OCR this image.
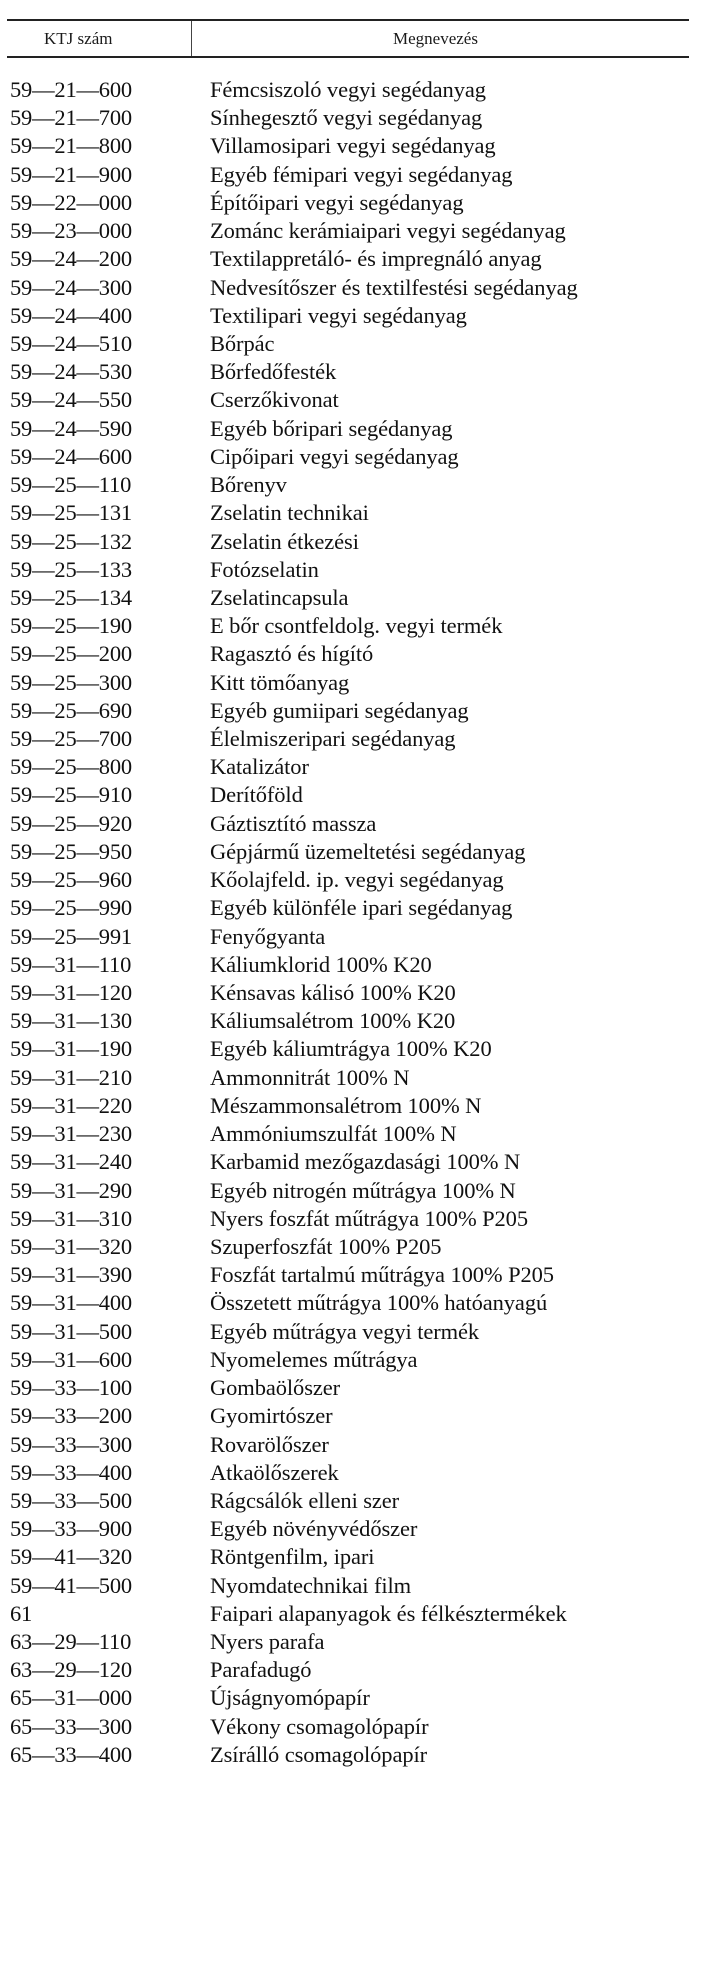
KTJ szám	Megnevezés
59—21—600	Fémcsiszoló vegyi segédanyag
59—21—700	Sínhegesztő vegyi segédanyag
59—21—800	Villamosipari vegyi segédanyag
59—21—900	Egyéb fémipari vegyi segédanyag
59—22—000	Építőipari vegyi segédanyag
59—23—000	Zománc kerámiaipari vegyi segédanyag
59—24—200	Textilappretáló- és impregnáló anyag
59—24—300	Nedvesítőszer és textilfestési segédanyag
59—24—400	Textilipari vegyi segédanyag
59—24—510	Bőrpác
59—24—530	Bőrfedőfesték
59—24—550	Cserzőkivonat
59—24—590	Egyéb bőripari segédanyag
59—24—600	Cipőipari vegyi segédanyag
59—25—110	Bőrenyv
59—25—131	Zselatin technikai
59—25—132	Zselatin étkezési
59—25—133	Fotózselatin
59—25—134	Zselatincapsula
59—25—190	E bőr csontfeldolg. vegyi termék
59—25—200	Ragasztó és hígító
59—25—300	Kitt tömőanyag
59—25—690	Egyéb gumiipari segédanyag
59—25—700	Élelmiszeripari segédanyag
59—25—800	Katalizátor
59—25—910	Derítőföld
59—25—920	Gáztisztító massza
59—25—950	Gépjármű üzemeltetési segédanyag
59—25—960	Kőolajfeld. ip. vegyi segédanyag
59—25—990	Egyéb különféle ipari segédanyag
59—25—991	Fenyőgyanta
59—31—110	Káliumklorid 100% K20
59—31—120	Kénsavas kálisó 100% K20
59—31—130	Káliumsalétrom 100% K20
59—31—190	Egyéb káliumtrágya 100% K20
59—31—210	Ammonnitrát 100% N
59—31—220	Mészammonsalétrom 100% N
59—31—230	Ammóniumszulfát 100% N
59—31—240	Karbamid mezőgazdasági 100% N
59—31—290	Egyéb nitrogén műtrágya 100% N
59—31—310	Nyers foszfát műtrágya 100% P205
59—31—320	Szuperfoszfát 100% P205
59—31—390	Foszfát tartalmú műtrágya 100% P205
59—31—400	Összetett műtrágya 100% hatóanyagú
59—31—500	Egyéb műtrágya vegyi termék
59—31—600	Nyomelemes műtrágya
59—33—100	Gombaölőszer
59—33—200	Gyomirtószer
59—33—300	Rovarölőszer
59—33—400	Atkaölőszerek
59—33—500	Rágcsálók elleni szer
59—33—900	Egyéb növényvédőszer
59—41—320	Röntgenfilm, ipari
59—41—500	Nyomdatechnikai film
61	Faipari alapanyagok és félkésztermékek
63—29—110	Nyers parafa
63—29—120	Parafadugó
65—31—000	Újságnyomópapír
65—33—300	Vékony csomagolópapír
65—33—400	Zsírálló csomagolópapír
